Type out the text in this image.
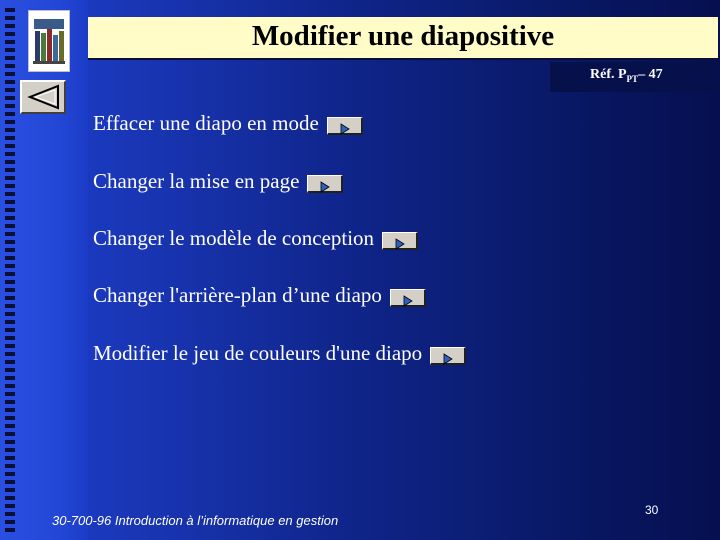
Modifier une diapositive
Réf. $P_{PT}-$ 47
Effacer une diapo en mode
Changer la mise en page
Changer le modèle de conception
Changer l'arrière-plan d’une diapo
Modifier le jeu de couleurs d'une diapo
30-700-96 Introduction à l’informatique en gestion
30
